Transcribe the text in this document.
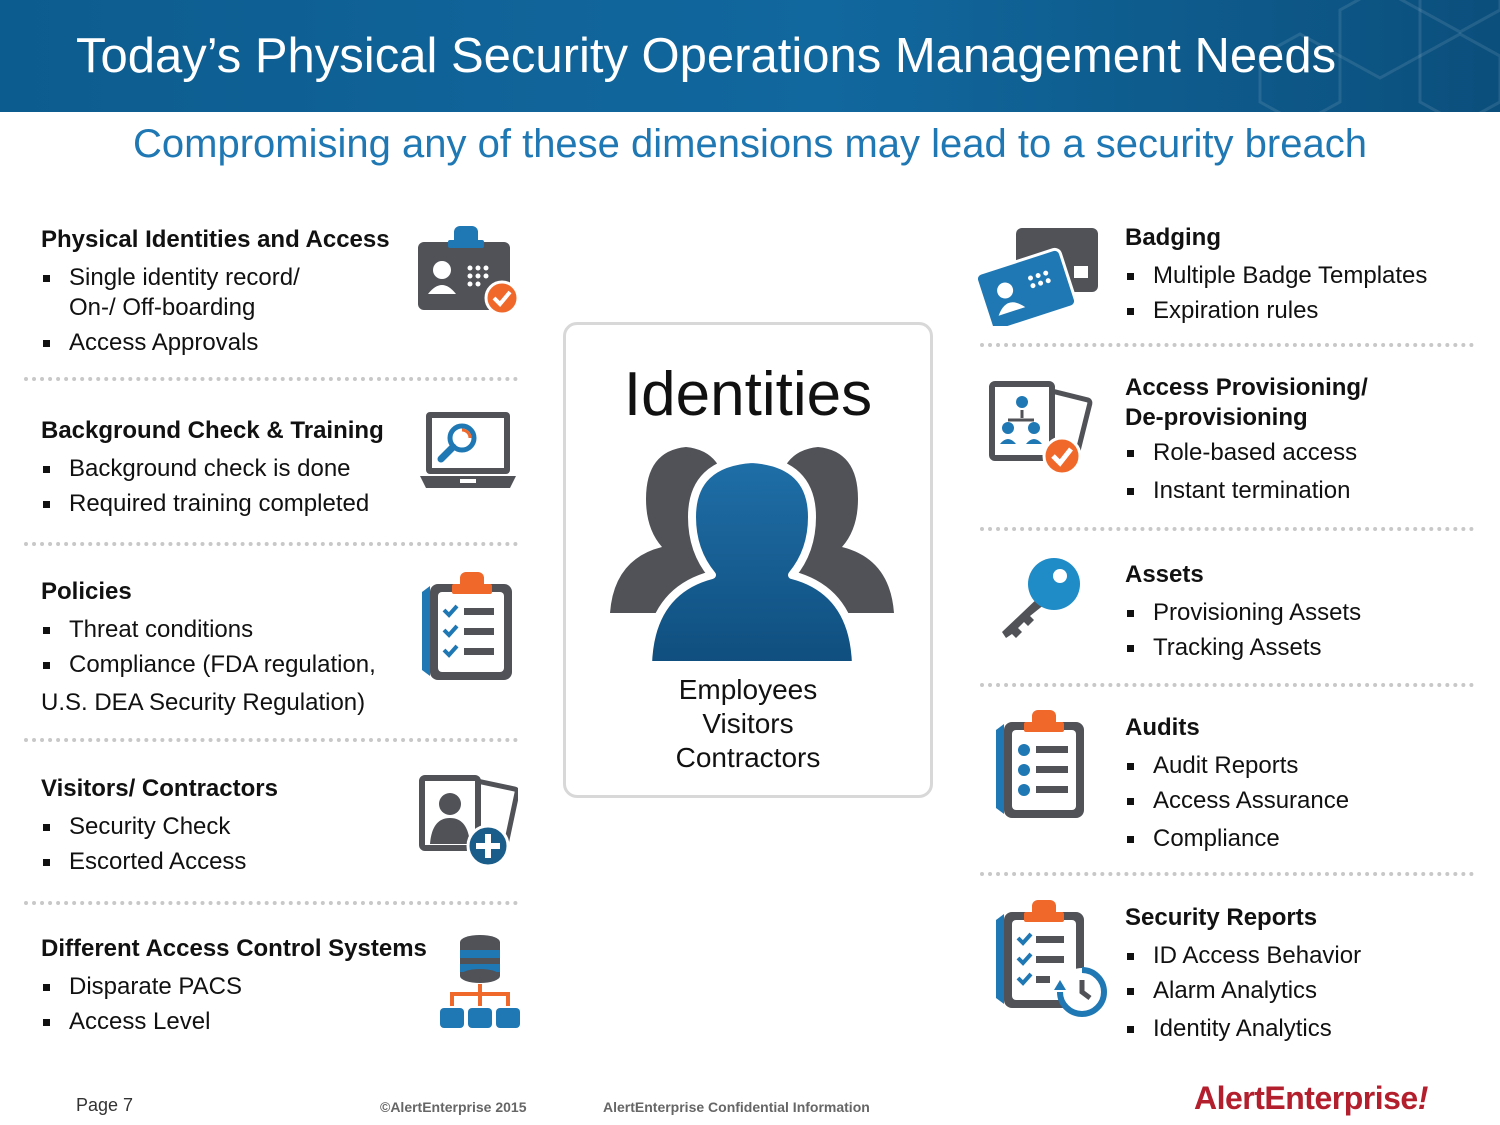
Today’s Physical Security Operations Management Needs
Compromising any of these dimensions may lead to a security breach
Physical Identities and Access
Single identity record/
On-/ Off-boarding
Access Approvals
Background Check & Training
Background check is done
Required training completed
Policies
Threat conditions
Compliance (FDA regulation,
U.S. DEA Security Regulation)
Visitors/ Contractors
Security Check
Escorted Access
Different Access Control Systems
Disparate PACS
Access Level
Identities
Employees
Visitors
Contractors
Badging
Multiple Badge Templates
Expiration rules
Access Provisioning/
De-provisioning
Role-based access
Instant termination
Assets
Provisioning Assets
Tracking Assets
Audits
Audit Reports
Access Assurance
Compliance
Security Reports
ID Access Behavior
Alarm Analytics
Identity Analytics
Page 7	©AlertEnterprise 2015	AlertEnterprise Confidential Information	AlertEnterprise!
